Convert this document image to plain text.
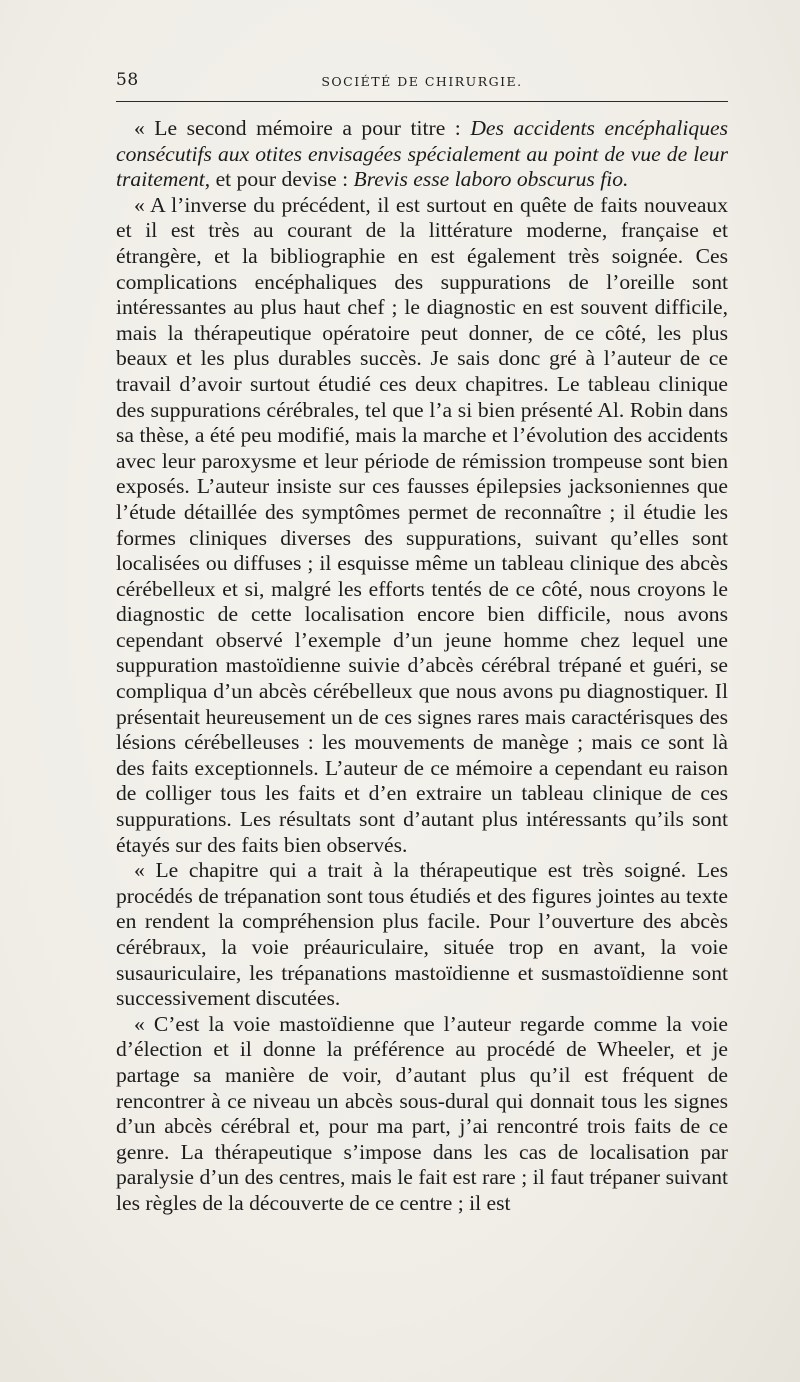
58	SOCIÉTÉ DE CHIRURGIE.

« Le second mémoire a pour titre : Des accidents encéphaliques consécutifs aux otites envisagées spécialement au point de vue de leur traitement, et pour devise : Brevis esse laboro obscurus fio.

« A l’inverse du précédent, il est surtout en quête de faits nouveaux et il est très au courant de la littérature moderne, française et étrangère, et la bibliographie en est également très soignée. Ces complications encéphaliques des suppurations de l’oreille sont intéressantes au plus haut chef ; le diagnostic en est souvent difficile, mais la thérapeutique opératoire peut donner, de ce côté, les plus beaux et les plus durables succès. Je sais donc gré à l’auteur de ce travail d’avoir surtout étudié ces deux chapitres. Le tableau clinique des suppurations cérébrales, tel que l’a si bien présenté Al. Robin dans sa thèse, a été peu modifié, mais la marche et l’évolution des accidents avec leur paroxysme et leur période de rémission trompeuse sont bien exposés. L’auteur insiste sur ces fausses épilepsies jacksoniennes que l’étude détaillée des symptômes permet de reconnaître ; il étudie les formes cliniques diverses des suppurations, suivant qu’elles sont localisées ou diffuses ; il esquisse même un tableau clinique des abcès cérébelleux et si, malgré les efforts tentés de ce côté, nous croyons le diagnostic de cette localisation encore bien difficile, nous avons cependant observé l’exemple d’un jeune homme chez lequel une suppuration mastoïdienne suivie d’abcès cérébral trépané et guéri, se compliqua d’un abcès cérébelleux que nous avons pu diagnostiquer. Il présentait heureusement un de ces signes rares mais caractérisques des lésions cérébelleuses : les mouvements de manège ; mais ce sont là des faits exceptionnels. L’auteur de ce mémoire a cependant eu raison de colliger tous les faits et d’en extraire un tableau clinique de ces suppurations. Les résultats sont d’autant plus intéressants qu’ils sont étayés sur des faits bien observés.

« Le chapitre qui a trait à la thérapeutique est très soigné. Les procédés de trépanation sont tous étudiés et des figures jointes au texte en rendent la compréhension plus facile. Pour l’ouverture des abcès cérébraux, la voie préauriculaire, située trop en avant, la voie susauriculaire, les trépanations mastoïdienne et susmastoïdienne sont successivement discutées.

« C’est la voie mastoïdienne que l’auteur regarde comme la voie d’élection et il donne la préférence au procédé de Wheeler, et je partage sa manière de voir, d’autant plus qu’il est fréquent de rencontrer à ce niveau un abcès sous-dural qui donnait tous les signes d’un abcès cérébral et, pour ma part, j’ai rencontré trois faits de ce genre. La thérapeutique s’impose dans les cas de localisation par paralysie d’un des centres, mais le fait est rare ; il faut trépaner suivant les règles de la découverte de ce centre ; il est
